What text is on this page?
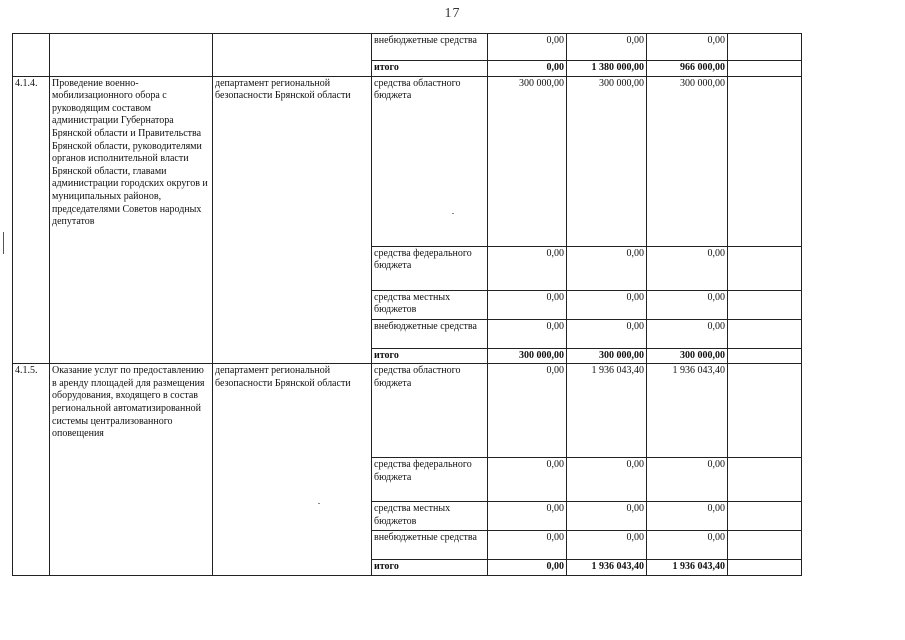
17
			внебюджетные средства	0,00	0,00	0,00	
			итого	0,00	1 380 000,00	966 000,00	
4.1.4.	Проведение военно-мобилизационного обора с руководящим составом администрации Губернатора Брянской области и Правительства Брянской области, руководителями органов исполнительной власти Брянской области, главами администрации городских округов и муниципальных районов, председателями Советов народных депутатов	департамент региональной безопасности Брянской области	средства областного бюджета	300 000,00	300 000,00	300 000,00	
			средства федерального бюджета	0,00	0,00	0,00	
			средства местных бюджетов	0,00	0,00	0,00	
			внебюджетные средства	0,00	0,00	0,00	
			итого	300 000,00	300 000,00	300 000,00	
4.1.5.	Оказание услуг по предоставлению в аренду площадей для размещения оборудования, входящего в состав региональной автоматизированной системы централизованного оповещения	департамент региональной безопасности Брянской области	средства областного бюджета	0,00	1 936 043,40	1 936 043,40	
			средства федерального бюджета	0,00	0,00	0,00	
			средства местных бюджетов	0,00	0,00	0,00	
			внебюджетные средства	0,00	0,00	0,00	
			итого	0,00	1 936 043,40	1 936 043,40	
